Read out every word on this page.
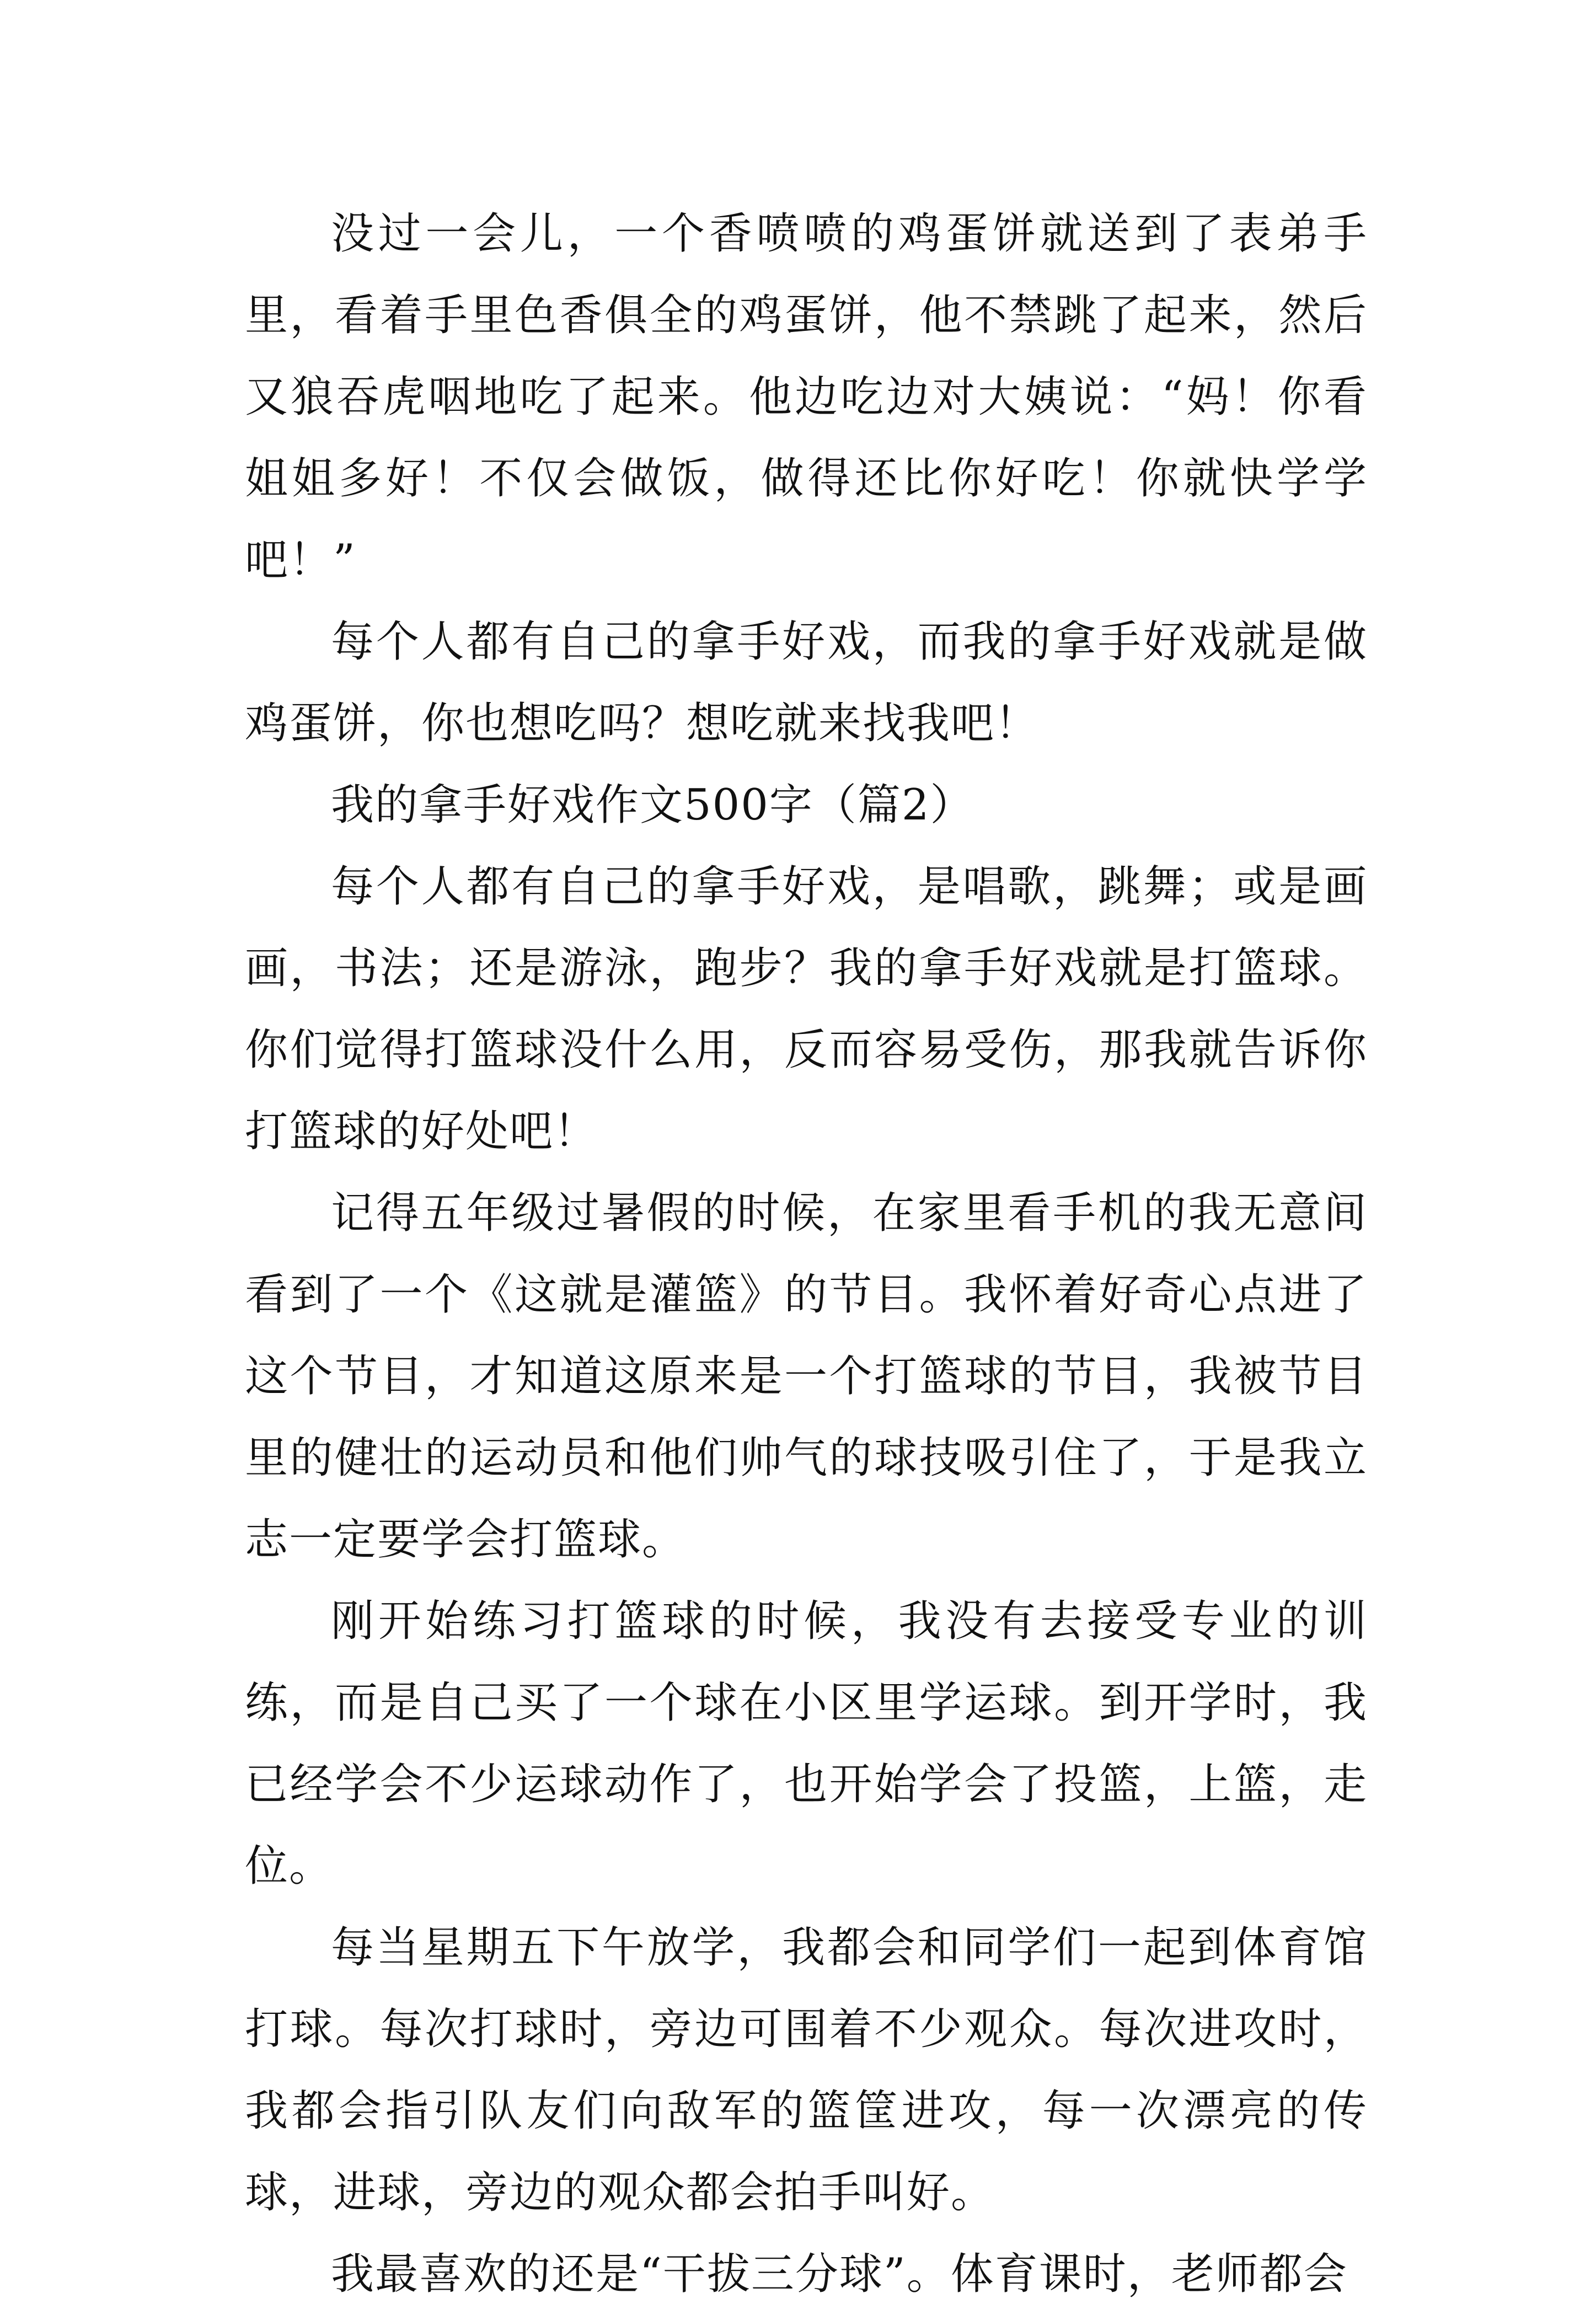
没过一会儿，一个香喷喷的鸡蛋饼就送到了表弟手里，看着手里色香俱全的鸡蛋饼，他不禁跳了起来，然后又狼吞虎咽地吃了起来。他边吃边对大姨说：“妈！你看姐姐多好！不仅会做饭，做得还比你好吃！你就快学学吧！”

每个人都有自己的拿手好戏，而我的拿手好戏就是做鸡蛋饼，你也想吃吗？想吃就来找我吧！

我的拿手好戏作文500字（篇2）

每个人都有自己的拿手好戏，是唱歌，跳舞；或是画画，书法；还是游泳，跑步？我的拿手好戏就是打篮球。你们觉得打篮球没什么用，反而容易受伤，那我就告诉你打篮球的好处吧！

记得五年级过暑假的时候，在家里看手机的我无意间看到了一个《这就是灌篮》的节目。我怀着好奇心点进了这个节目，才知道这原来是一个打篮球的节目，我被节目里的健壮的运动员和他们帅气的球技吸引住了，于是我立志一定要学会打篮球。

刚开始练习打篮球的时候，我没有去接受专业的训练，而是自己买了一个球在小区里学运球。到开学时，我已经学会不少运球动作了，也开始学会了投篮，上篮，走位。

每当星期五下午放学，我都会和同学们一起到体育馆打球。每次打球时，旁边可围着不少观众。每次进攻时，我都会指引队友们向敌军的篮筐进攻，每一次漂亮的传球，进球，旁边的观众都会拍手叫好。

我最喜欢的还是“干拔三分球”。体育课时，老师都会
